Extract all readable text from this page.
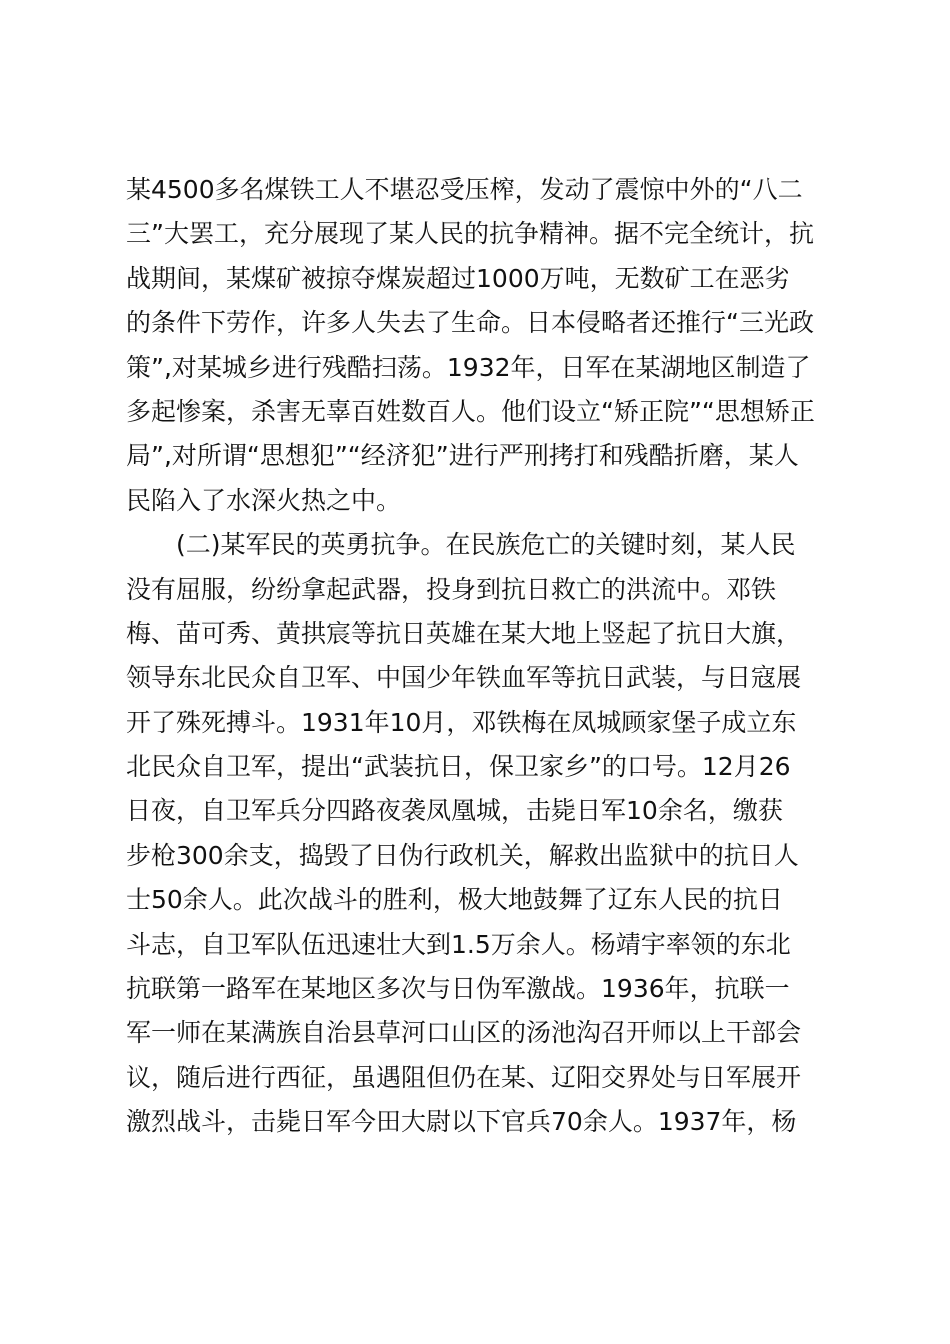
某4500多名煤铁工人不堪忍受压榨，发动了震惊中外的“八二
三”大罢工，充分展现了某人民的抗争精神。据不完全统计，抗
战期间，某煤矿被掠夺煤炭超过1000万吨，无数矿工在恶劣
的条件下劳作，许多人失去了生命。日本侵略者还推行“三光政
策”,对某城乡进行残酷扫荡。1932年，日军在某湖地区制造了
多起惨案，杀害无辜百姓数百人。他们设立“矫正院”“思想矫正
局”,对所谓“思想犯”“经济犯”进行严刑拷打和残酷折磨，某人
民陷入了水深火热之中。
(二)某军民的英勇抗争。在民族危亡的关键时刻，某人民
没有屈服，纷纷拿起武器，投身到抗日救亡的洪流中。邓铁
梅、苗可秀、黄拱宸等抗日英雄在某大地上竖起了抗日大旗，
领导东北民众自卫军、中国少年铁血军等抗日武装，与日寇展
开了殊死搏斗。1931年10月，邓铁梅在凤城顾家堡子成立东
北民众自卫军，提出“武装抗日，保卫家乡”的口号。12月26
日夜，自卫军兵分四路夜袭凤凰城，击毙日军10余名，缴获
步枪300余支，捣毁了日伪行政机关，解救出监狱中的抗日人
士50余人。此次战斗的胜利，极大地鼓舞了辽东人民的抗日
斗志，自卫军队伍迅速壮大到1.5万余人。杨靖宇率领的东北
抗联第一路军在某地区多次与日伪军激战。1936年，抗联一
军一师在某满族自治县草河口山区的汤池沟召开师以上干部会
议，随后进行西征，虽遇阻但仍在某、辽阳交界处与日军展开
激烈战斗，击毙日军今田大尉以下官兵70余人。1937年，杨
